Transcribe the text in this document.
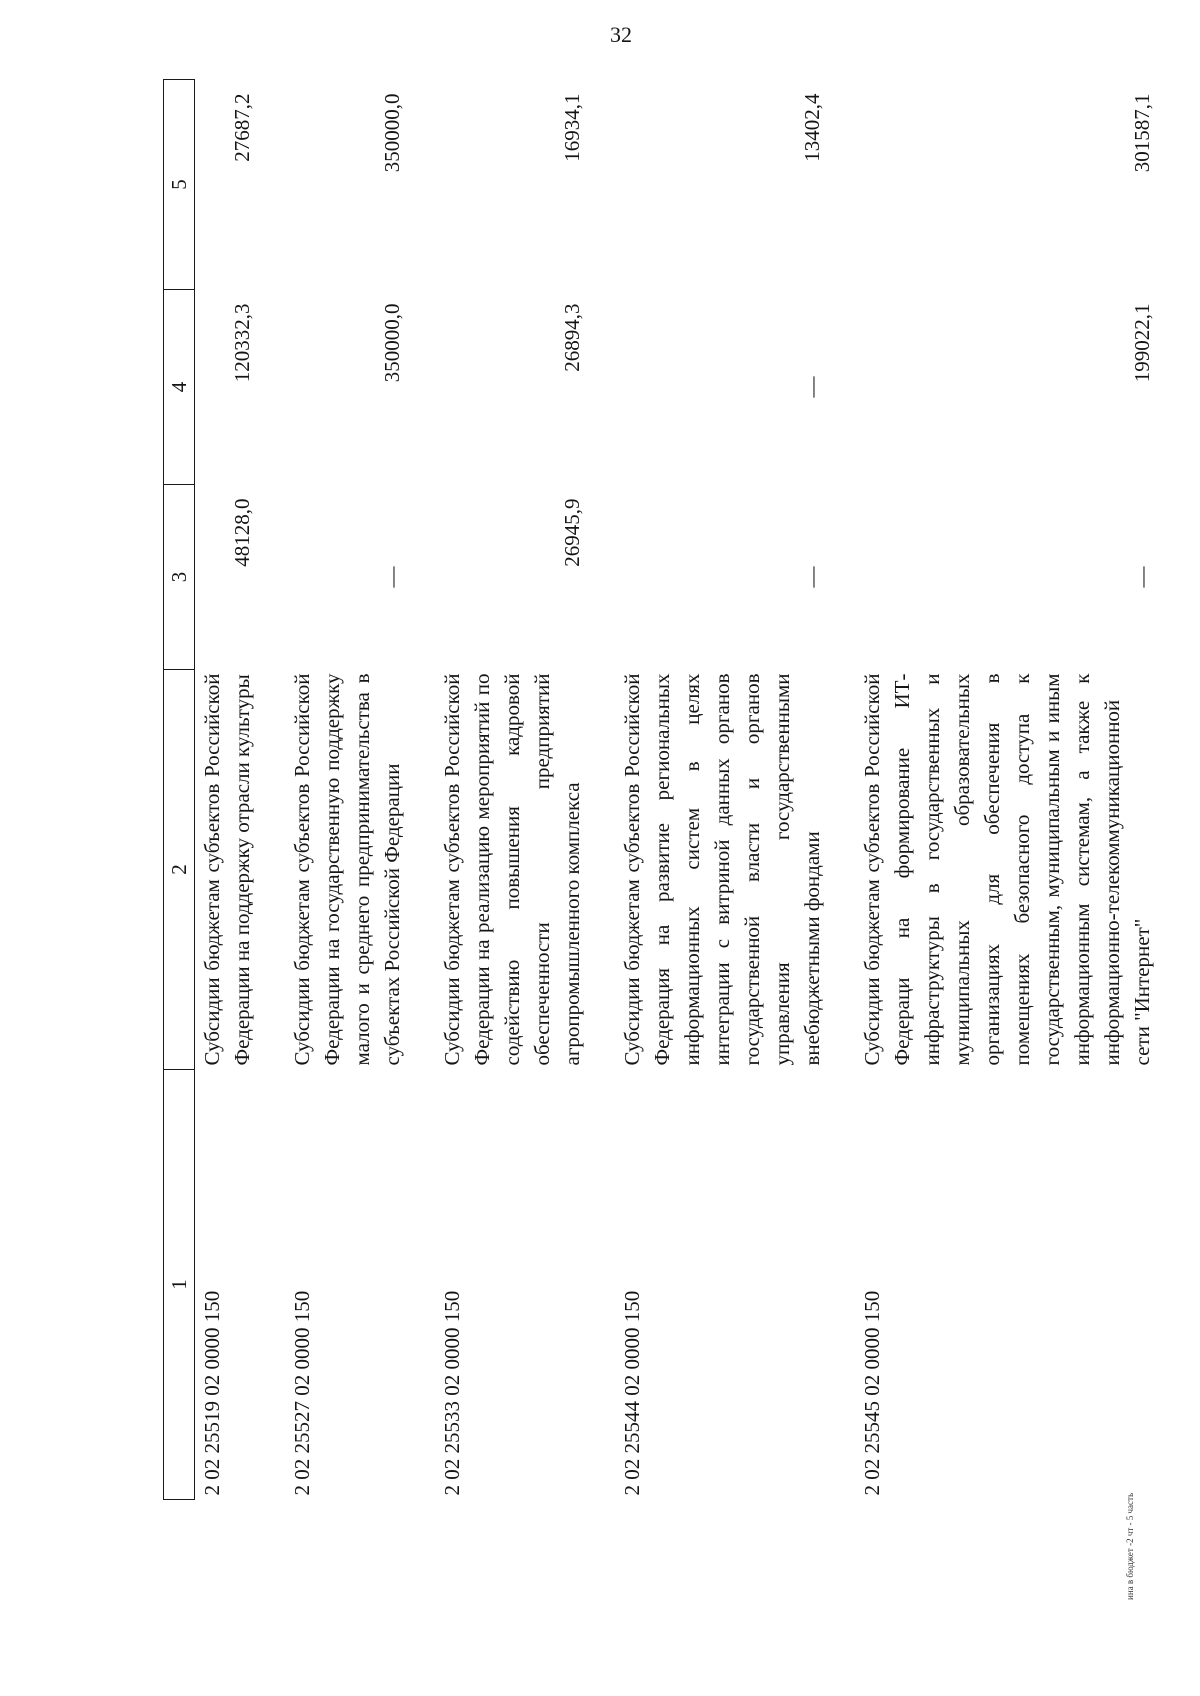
32
1	2	3	4	5
2 02 25519 02 0000 150	Субсидии бюджетам субъектов Российской Федерации на поддержку отрасли культуры	48128,0	120332,3	27687,2
2 02 25527 02 0000 150	Субсидии бюджетам субъектов Российской Федерации на государственную поддержку малого и среднего предпринимательства в субъектах Российской Федерации	—	350000,0	350000,0
2 02 25533 02 0000 150	Субсидии бюджетам субъектов Российской Федерации на реализацию мероприятий по содействию повышения кадровой обеспеченности предприятий агропромышленного комплекса	26945,9	26894,3	16934,1
2 02 25544 02 0000 150	Субсидии бюджетам субъектов Российской Федерация на развитие региональных информационных систем в целях интеграции с витриной данных органов государственной власти и органов управления государственными внебюджетными фондами	—	—	13402,4
2 02 25545 02 0000 150	Субсидии бюджетам субъектов Российской Федераци на формирование ИТ-инфраструктуры в государственных и муниципальных образовательных организациях для обеспечения в помещениях безопасного доступа к государственным, муниципальным и иным информационным системам, а также к информационно-телекоммуникационной сети "Интернет"	—	199022,1	301587,1
ина в бюджет -2 чт - 5 часть
